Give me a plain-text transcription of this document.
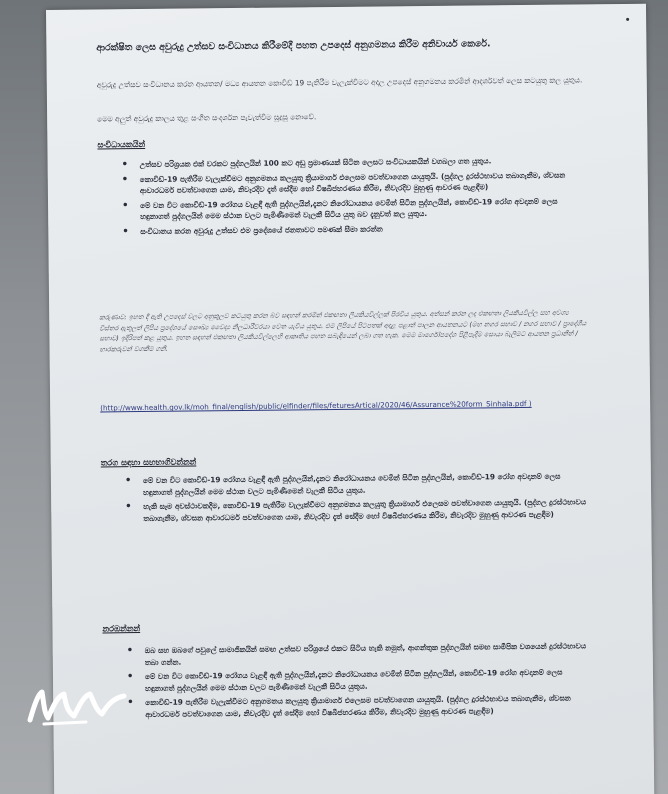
ආරක්ෂිත ලෙස අවුරුදු උත්සව සංවිධානය කිරීමේදී පහත උපදෙස් අනුගමනය කිරීම අනිවාර්ය කෙරේ.
අවුරුදු උත්සව සංවිධානය කරන ආයතන/ මධ්‍ය ආයතන කොවිඩ් 19 පැතිරීම වැලැක්වීමට අදාල උපදෙස් අනුගමනය කරමින් ආදර්ශවත් ලෙස කටයුතු කල යුතුය.
මෙම අලුත් අවුරුදු කාලය තුළ සංගීත සංදර්ශන පැවැත්වීම සුදුසු නොවේ.
සංවිධායකයින්
• උත්සව පරිශ්‍රයක එක් වරකට පුද්ගලයින් 100 කට අඩු ප්‍රමාණයක් සිටින ලෙසට සංවිධායකයින් වගබලා ගත යුතුය.
• කොවිඩ්-19 පැතිරීම වැලැක්වීමට අනුගමනය කලයුතු ක්‍රියාමාර්ග එලෙසම පවත්වාගෙන යායුතුයි. (පුද්ගල දුරස්ථභාවය තබාගැනීම, ශ්වසන ආවාරධර්ම පවත්වාගෙන යාම, නිවැරදිව දෑත් සේදීම හෝ විෂබීජහරණය කිරීම, නිවැරදිව මුහුණු ආවරණ පැළඳීම)
• මේ වන විට කොවිඩ්-19 රෝගය වැළඳී ඇති පුද්ගලයින්,දැනට නිරෝධායනය වෙමින් සිටින පුද්ගලයින්, කොවිඩ්-19 රෝග අවදානම් ලෙස හඳුනාගත් පුද්ගලයින් මෙම ස්ථාන වලට පැමිණීමෙන් වැලකී සිටිය යුතු බව දැනුවත් කල යුතුය.
• සංවිධානය කරන අවුරුදු උත්සව එම ප්‍රදේශයේ ජනතාවට පමණක් සීමා කරන්න
කරුණාව: ඉහත දී ඇති උපදෙස් වලට අනුකූලව කටයුතු කරන බව සඳහන් කරමින් එකඟතා ලියකියවිල්ලක් පිරවිය යුතුය. අත්සන් කරන ලද එකඟතා ලියකියවිල්ල සහ අවශ්‍ය විස්තර ඇතුලත් ලිපිය ප්‍රදේශයේ සෞඛ්‍ය වෛද්‍ය නිලධාරීවරයා වෙත යැවිය යුතුය. එම ලිපියේ පිටපතක් අදාළ පළාත් පාලන ආයතනයට (මහ නගර සභාව / නගර සභාව / ප්‍රාදේශීය සභාව) ඉදිරිපත් කළ යුතුය. ඉහත සඳහන් එකඟතා ලියකියවිල්ලෙහි ආකෘතිය පහත සබැඳියෙන් ලබා ගත හැක. මෙම මාර්ගෝපදේශ පිළිපැදීම සොයා බැලීමට ආයතන ප්‍රධානීන් / භාරකරුවන් වගකීම ගනී.
(http://www.health.gov.lk/moh_final/english/public/elfinder/files/feturesArtical/2020/46/Assurance%20form_Sinhala.pdf )
තරග සඳහා සහභාගිවන්නන්
• මේ වන විට කොවිඩ්-19 රෝගය වැළඳී ඇති පුද්ගලයින්,දැනට නිරෝධායනය වෙමින් සිටින පුද්ගලයින්, කොවිඩ්-19 රෝග අවදානම් ලෙස හඳුනාගත් පුද්ගලයින් මෙම ස්ථාන වලට පැමිණීමෙන් වැලකී සිටිය යුතුය.
• හැකි සෑම අවස්ථාවකදීම, කොවිඩ්-19 පැතිරීම වැලැක්වීමට අනුගමනය කලයුතු ක්‍රියාමාර්ග එලෙසම පවත්වාගෙන යායුතුයි. (පුද්ගල දුරස්ථභාවය තබාගැනීම, ශ්වසන ආවාරධර්ම පවත්වාගෙන යාම, නිවැරදිව දෑත් සේදීම හෝ විෂබීජහරණය කිරීම, නිවැරදිව මුහුණු ආවරණ පැළඳීම)
නරඹන්නන්
• ඔබ සහ ඔබගේ පවුලේ සාමාජිකයින් සමඟ උත්සව පරිශ්‍රයේ එකට සිටිය හැකි නමුත්, ආගන්තුක පුද්ගලයින් සමඟ සාමීපික වශයෙන් දුරස්ථභාවය තබා ගන්න.
• මේ වන විට කොවිඩ්-19 රෝගය වැළඳී ඇති පුද්ගලයින්,දැනට නිරෝධායනය වෙමින් සිටින පුද්ගලයින්, කොවිඩ්-19 රෝග අවදානම් ලෙස හඳුනාගත් පුද්ගලයින් මෙම ස්ථාන වලට පැමිණීමෙන් වැලකී සිටිය යුතුය.
• කොවිඩ්-19 පැතිරීම වැලැක්වීමට අනුගමනය කලයුතු ක්‍රියාමාර්ග එලෙසම පවත්වාගෙන යායුතුයි. (පුද්ගල දුරස්ථභාවය තබාගැනීම, ශ්වසන ආවාරධර්ම පවත්වාගෙන යාම, නිවැරදිව දෑත් සේදීම හෝ විෂබීජහරණය කිරීම, නිවැරදිව මුහුණු ආවරණ පැළඳීම)
